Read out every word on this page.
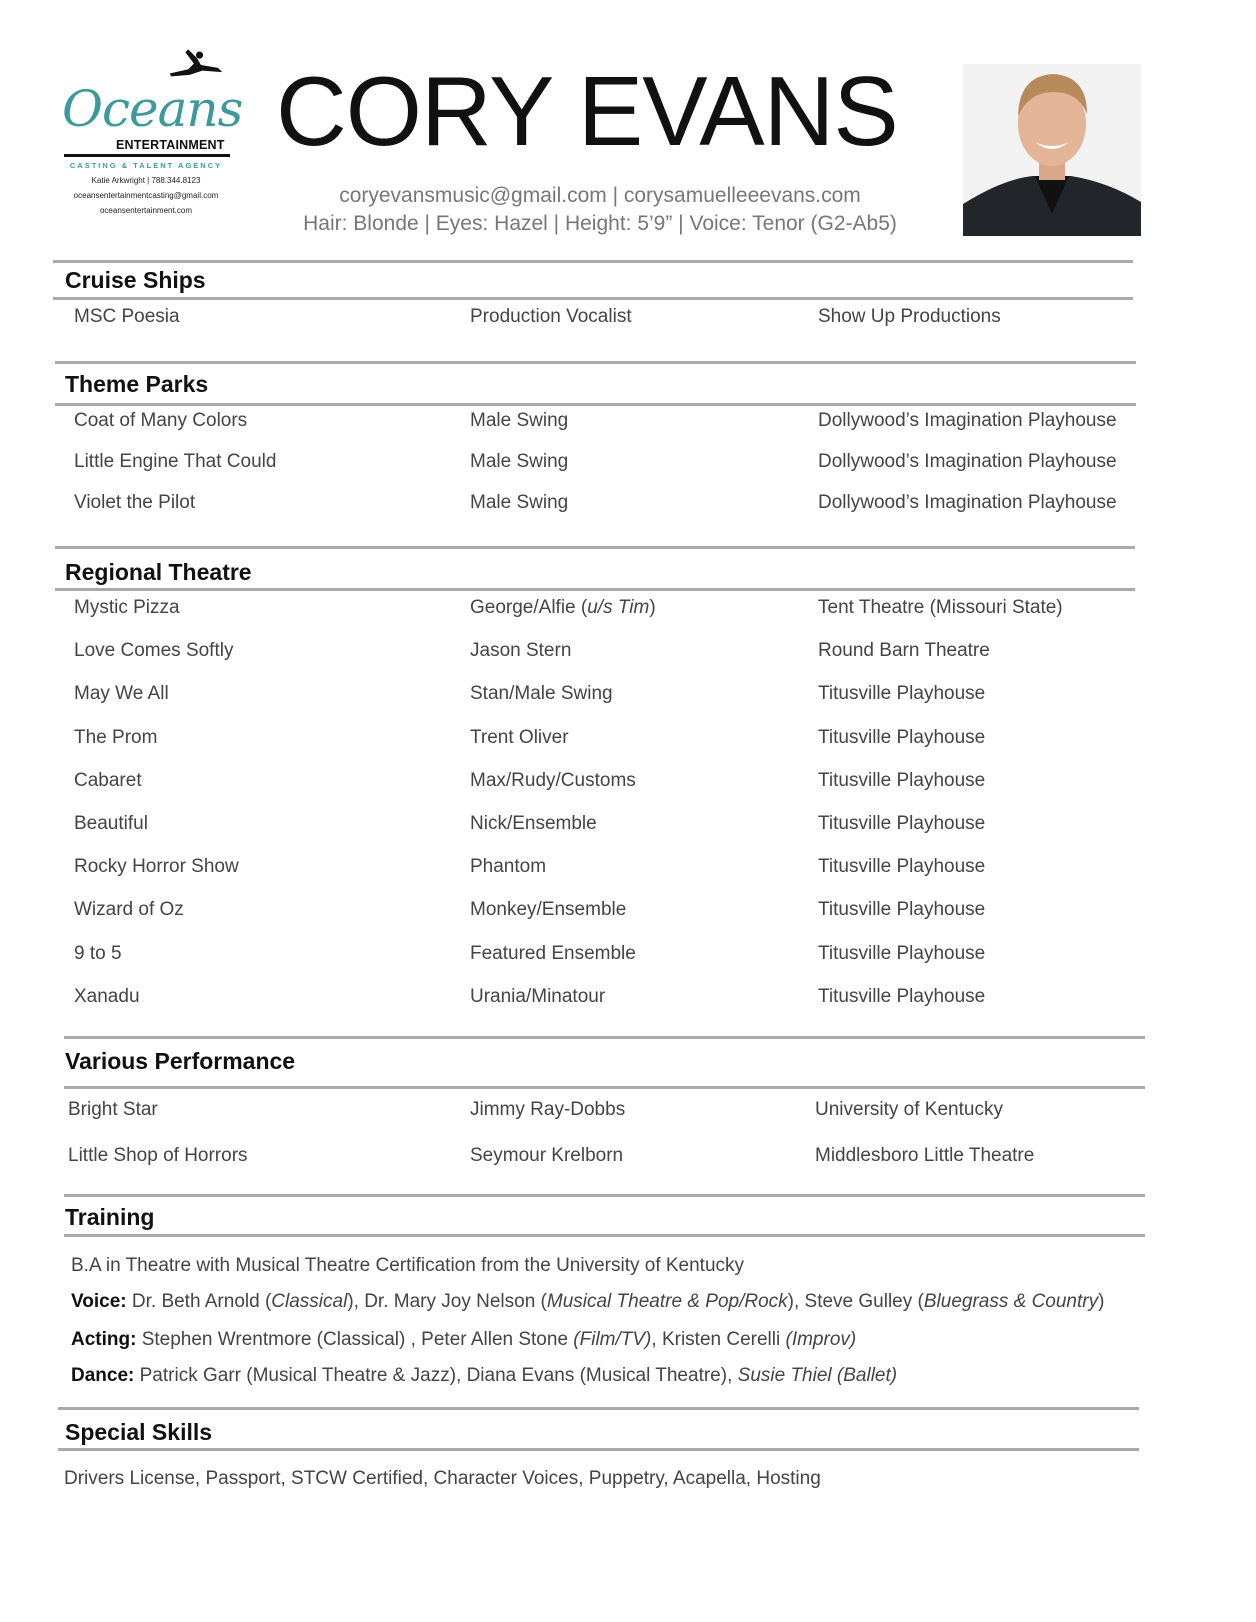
Oceans
ENTERTAINMENT
CASTING & TALENT AGENCY
Katie Arkwright | 788.344.8123
oceansentertainmentcasting@gmail.com
oceansentertainment.com
CORY EVANS
coryevansmusic@gmail.com | corysamuelleeevans.com
Hair: Blonde | Eyes: Hazel | Height: 5’9” | Voice: Tenor (G2-Ab5)
Cruise Ships
MSC Poesia	Production Vocalist	Show Up Productions
Theme Parks
Coat of Many Colors	Male Swing	Dollywood’s Imagination Playhouse
Little Engine That Could	Male Swing	Dollywood’s Imagination Playhouse
Violet the Pilot	Male Swing	Dollywood’s Imagination Playhouse
Regional Theatre
Mystic Pizza	George/Alfie (u/s Tim)	Tent Theatre (Missouri State)
Love Comes Softly	Jason Stern	Round Barn Theatre
May We All	Stan/Male Swing	Titusville Playhouse
The Prom	Trent Oliver	Titusville Playhouse
Cabaret	Max/Rudy/Customs	Titusville Playhouse
Beautiful	Nick/Ensemble	Titusville Playhouse
Rocky Horror Show	Phantom	Titusville Playhouse
Wizard of Oz	Monkey/Ensemble	Titusville Playhouse
9 to 5	Featured Ensemble	Titusville Playhouse
Xanadu	Urania/Minatour	Titusville Playhouse
Various Performance
Bright Star	Jimmy Ray-Dobbs	University of Kentucky
Little Shop of Horrors	Seymour Krelborn	Middlesboro Little Theatre
Training
B.A in Theatre with Musical Theatre Certification from the University of Kentucky
Voice: Dr. Beth Arnold (Classical), Dr. Mary Joy Nelson (Musical Theatre & Pop/Rock), Steve Gulley (Bluegrass & Country)
Acting: Stephen Wrentmore (Classical) , Peter Allen Stone (Film/TV), Kristen Cerelli (Improv)
Dance: Patrick Garr (Musical Theatre & Jazz), Diana Evans (Musical Theatre), Susie Thiel (Ballet)
Special Skills
Drivers License, Passport, STCW Certified, Character Voices, Puppetry, Acapella, Hosting
